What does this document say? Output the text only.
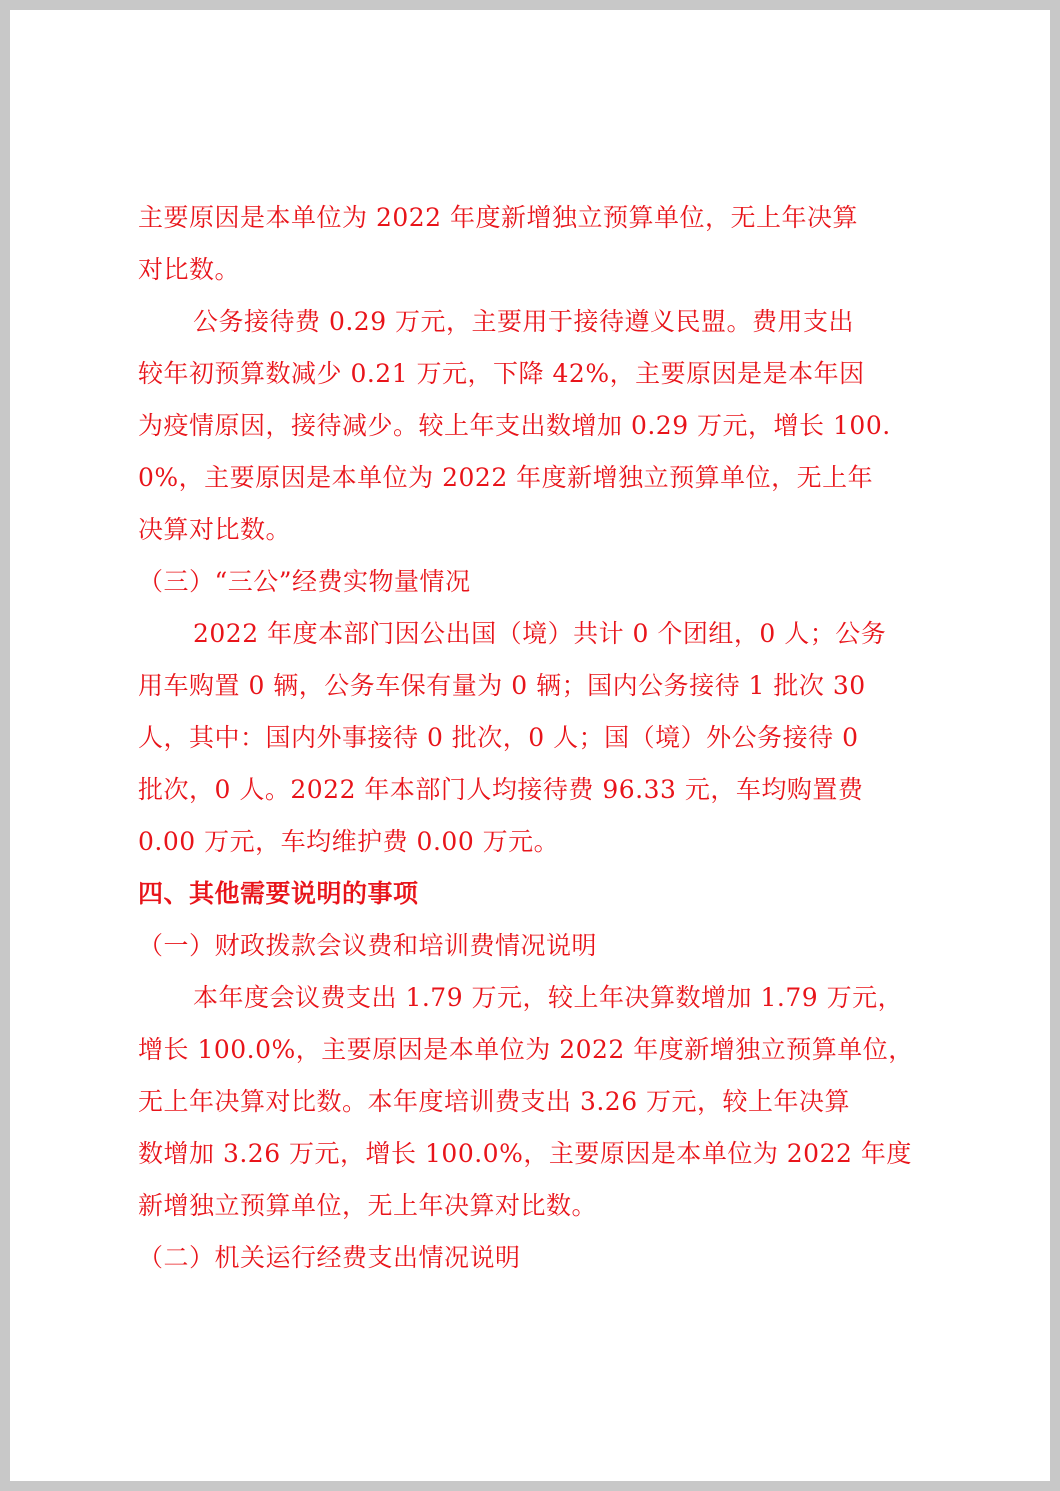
主要原因是本单位为 2022 年度新增独立预算单位，无上年决算

对比数。

公务接待费 0.29 万元，主要用于接待遵义民盟。费用支出

较年初预算数减少 0.21 万元，下降 42%，主要原因是是本年因

为疫情原因，接待减少。较上年支出数增加 0.29 万元，增长 100.

0%，主要原因是本单位为 2022 年度新增独立预算单位，无上年

决算对比数。

（三）“三公”经费实物量情况

2022 年度本部门因公出国（境）共计 0 个团组，0 人；公务

用车购置 0 辆，公务车保有量为 0 辆；国内公务接待 1 批次 30

人，其中：国内外事接待 0 批次，0 人；国（境）外公务接待 0

批次，0 人。2022 年本部门人均接待费 96.33 元，车均购置费

0.00 万元，车均维护费 0.00 万元。

四、其他需要说明的事项

（一）财政拨款会议费和培训费情况说明

本年度会议费支出 1.79 万元，较上年决算数增加 1.79 万元，

增长 100.0%，主要原因是本单位为 2022 年度新增独立预算单位，

无上年决算对比数。本年度培训费支出 3.26 万元，较上年决算

数增加 3.26 万元，增长 100.0%，主要原因是本单位为 2022 年度

新增独立预算单位，无上年决算对比数。

（二）机关运行经费支出情况说明
